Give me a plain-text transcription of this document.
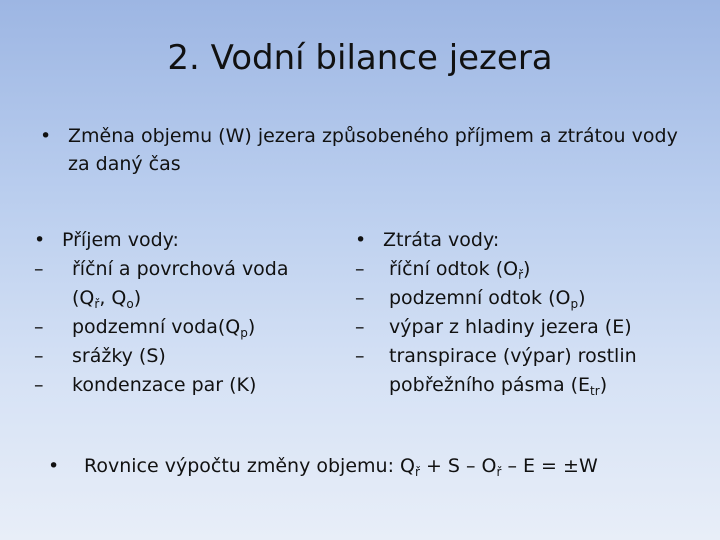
2. Vodní bilance jezera
• Změna objemu (W) jezera způsobeného příjmem a ztrátou vody za daný čas
• Příjem vody:
–	říční a povrchová voda
($Q_ř$, $Q_o$)
–	podzemní $voda(Q_p)$
–	srážky (S)
–	kondenzace par (K)
• Ztráta vody:
–	říční odtok $(O_ř)$
–	podzemní odtok $(O_p)$
–	výpar z hladiny jezera (E)
–	transpirace (výpar) rostlin
pobřežního pásma $(E_{tr})$
•	Rovnice výpočtu změny objemu: $Q_ř + S - O_ř - E = \pm W$
